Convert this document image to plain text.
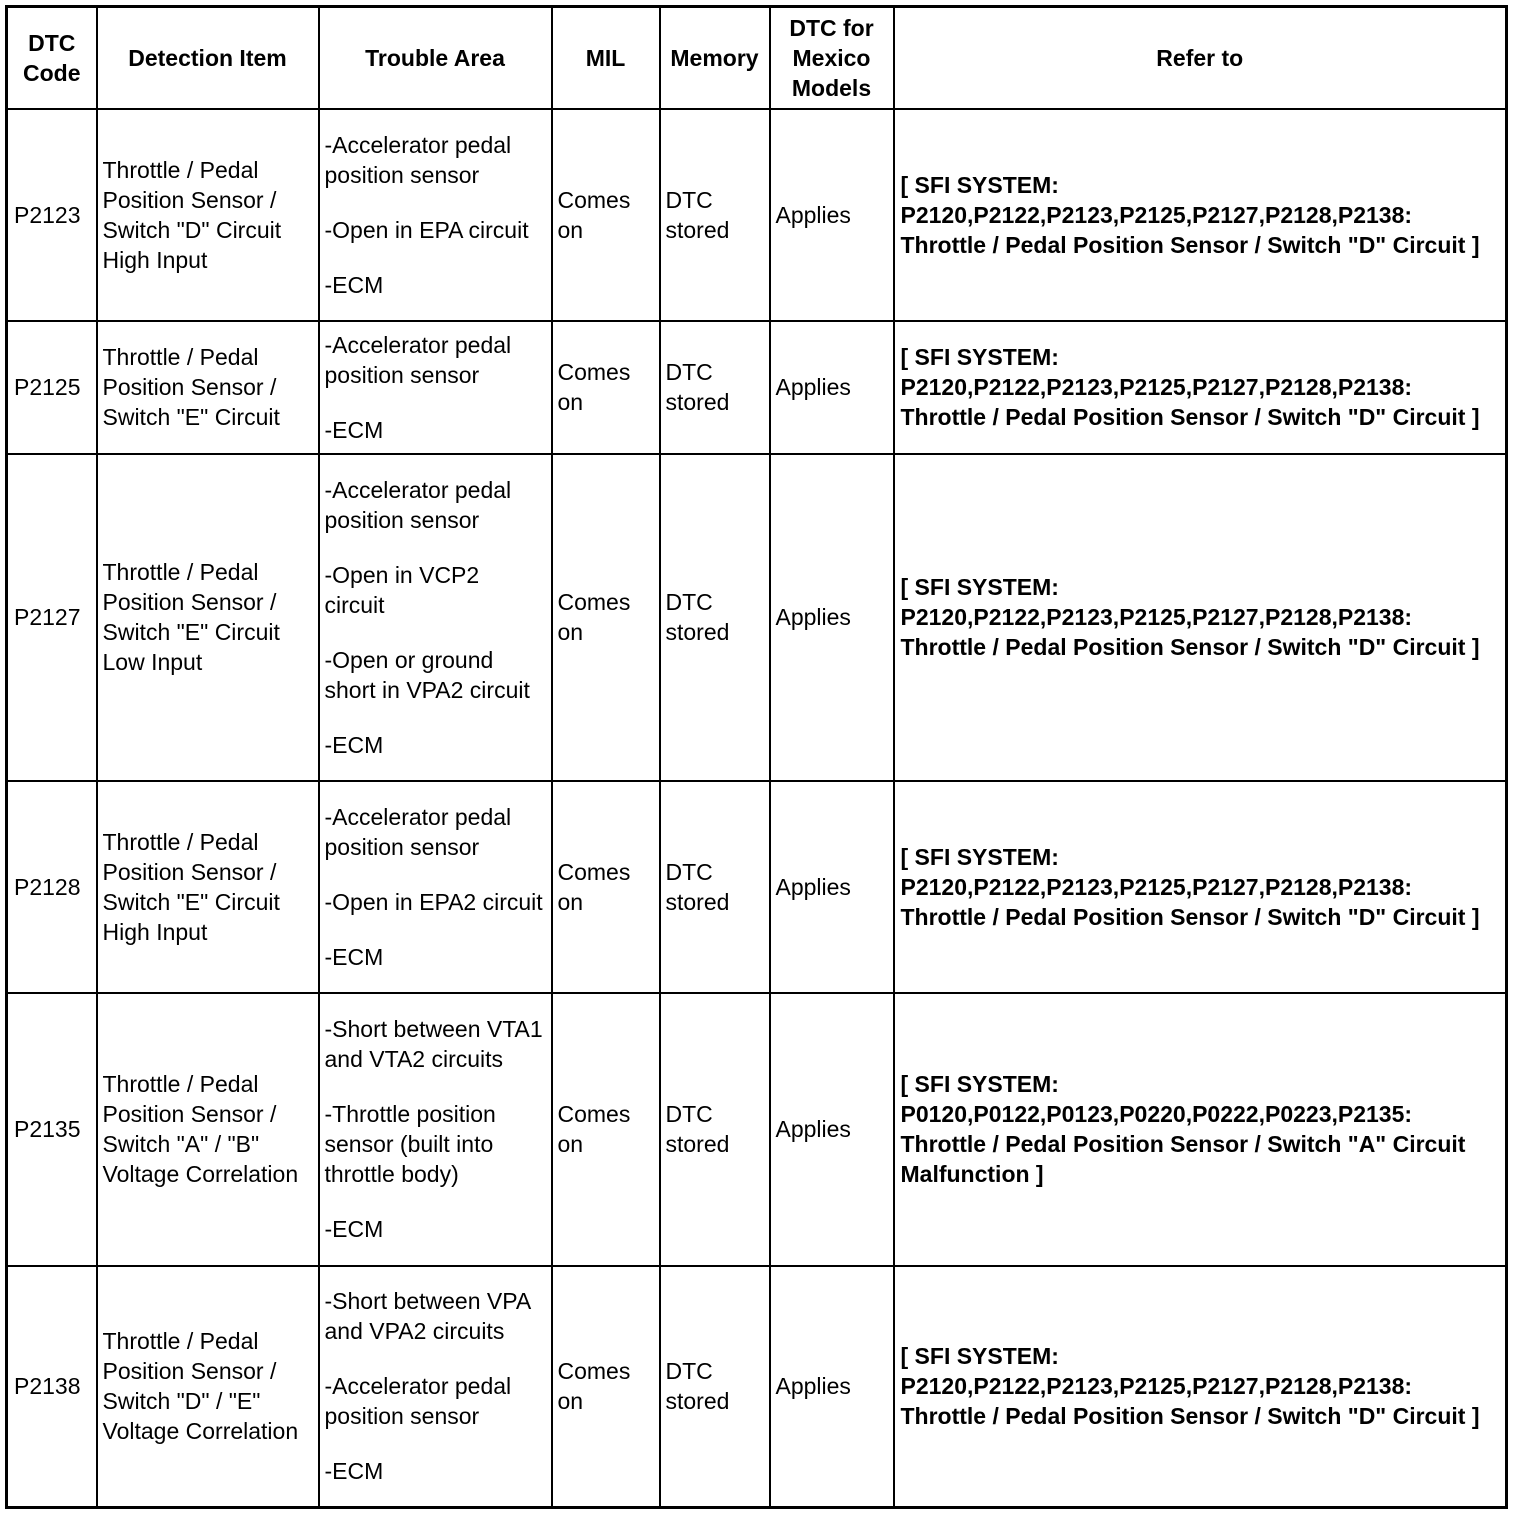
DTC Code	Detection Item	Trouble Area	MIL	Memory	DTC for Mexico Models	Refer to
P2123	Throttle / Pedal Position Sensor / Switch "D" Circuit High Input	-Accelerator pedal position sensor

-Open in EPA circuit

-ECM	Comes on	DTC stored	Applies	[ SFI SYSTEM: P2120,P2122,P2123,P2125,P2127,P2128,P2138: Throttle / Pedal Position Sensor / Switch "D" Circuit ]
P2125	Throttle / Pedal Position Sensor / Switch "E" Circuit	-Accelerator pedal position sensor

-ECM	Comes on	DTC stored	Applies	[ SFI SYSTEM: P2120,P2122,P2123,P2125,P2127,P2128,P2138: Throttle / Pedal Position Sensor / Switch "D" Circuit ]
P2127	Throttle / Pedal Position Sensor / Switch "E" Circuit Low Input	-Accelerator pedal position sensor

-Open in VCP2 circuit

-Open or ground short in VPA2 circuit

-ECM	Comes on	DTC stored	Applies	[ SFI SYSTEM: P2120,P2122,P2123,P2125,P2127,P2128,P2138: Throttle / Pedal Position Sensor / Switch "D" Circuit ]
P2128	Throttle / Pedal Position Sensor / Switch "E" Circuit High Input	-Accelerator pedal position sensor

-Open in EPA2 circuit

-ECM	Comes on	DTC stored	Applies	[ SFI SYSTEM: P2120,P2122,P2123,P2125,P2127,P2128,P2138: Throttle / Pedal Position Sensor / Switch "D" Circuit ]
P2135	Throttle / Pedal Position Sensor / Switch "A" / "B" Voltage Correlation	-Short between VTA1 and VTA2 circuits

-Throttle position sensor (built into throttle body)

-ECM	Comes on	DTC stored	Applies	[ SFI SYSTEM: P0120,P0122,P0123,P0220,P0222,P0223,P2135: Throttle / Pedal Position Sensor / Switch "A" Circuit Malfunction ]
P2138	Throttle / Pedal Position Sensor / Switch "D" / "E" Voltage Correlation	-Short between VPA and VPA2 circuits

-Accelerator pedal position sensor

-ECM	Comes on	DTC stored	Applies	[ SFI SYSTEM: P2120,P2122,P2123,P2125,P2127,P2128,P2138: Throttle / Pedal Position Sensor / Switch "D" Circuit ]
